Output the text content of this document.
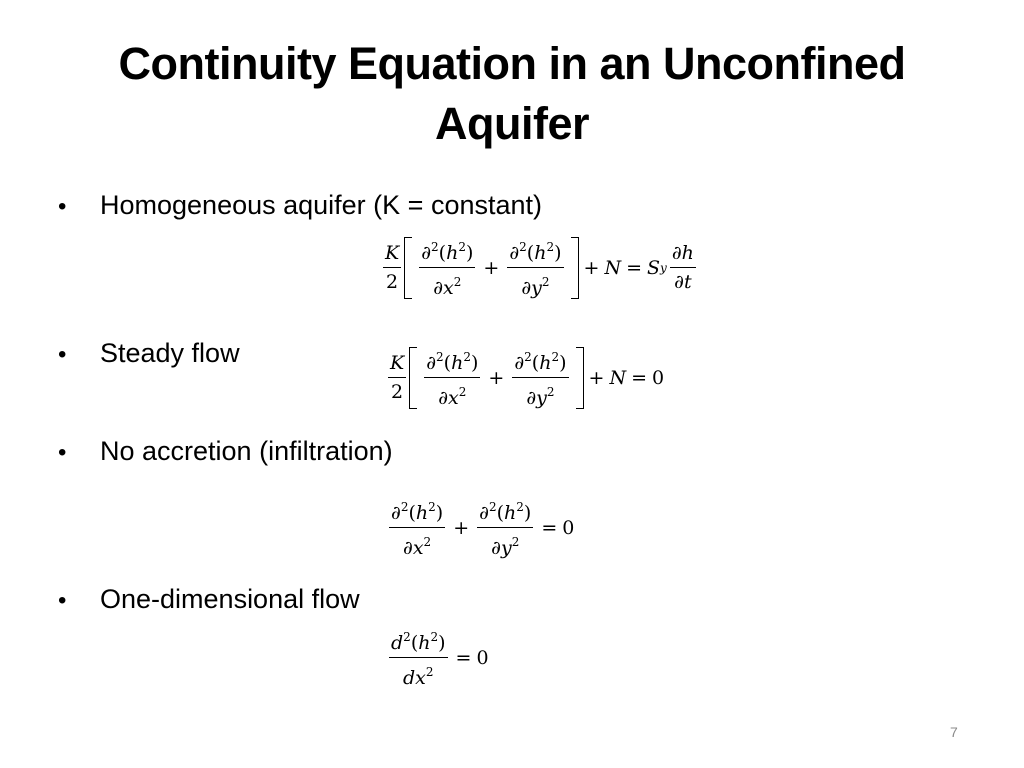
Continuity Equation in an Unconfined Aquifer
• Homogeneous aquifer (K = constant)
$\frac{K}{2} \frac{\partial^2(h^2)}{\partial x^2} + \frac{\partial^2(h^2)}{\partial y^2} + N = S$ y $\frac{\partial h}{\partial t}$
• Steady flow	$\frac{K}{2} \frac{\partial^2(h^2)}{\partial x^2} + \frac{\partial^2(h^2)}{\partial y^2} + N = 0$
• No accretion (infiltration)
$\frac{\partial^2(h^2)}{\partial x^2} + \frac{\partial^2(h^2)}{\partial y^2} = 0$
• One-dimensional flow
$\frac{d^2(h^2)}{dx^2} = 0$
7
